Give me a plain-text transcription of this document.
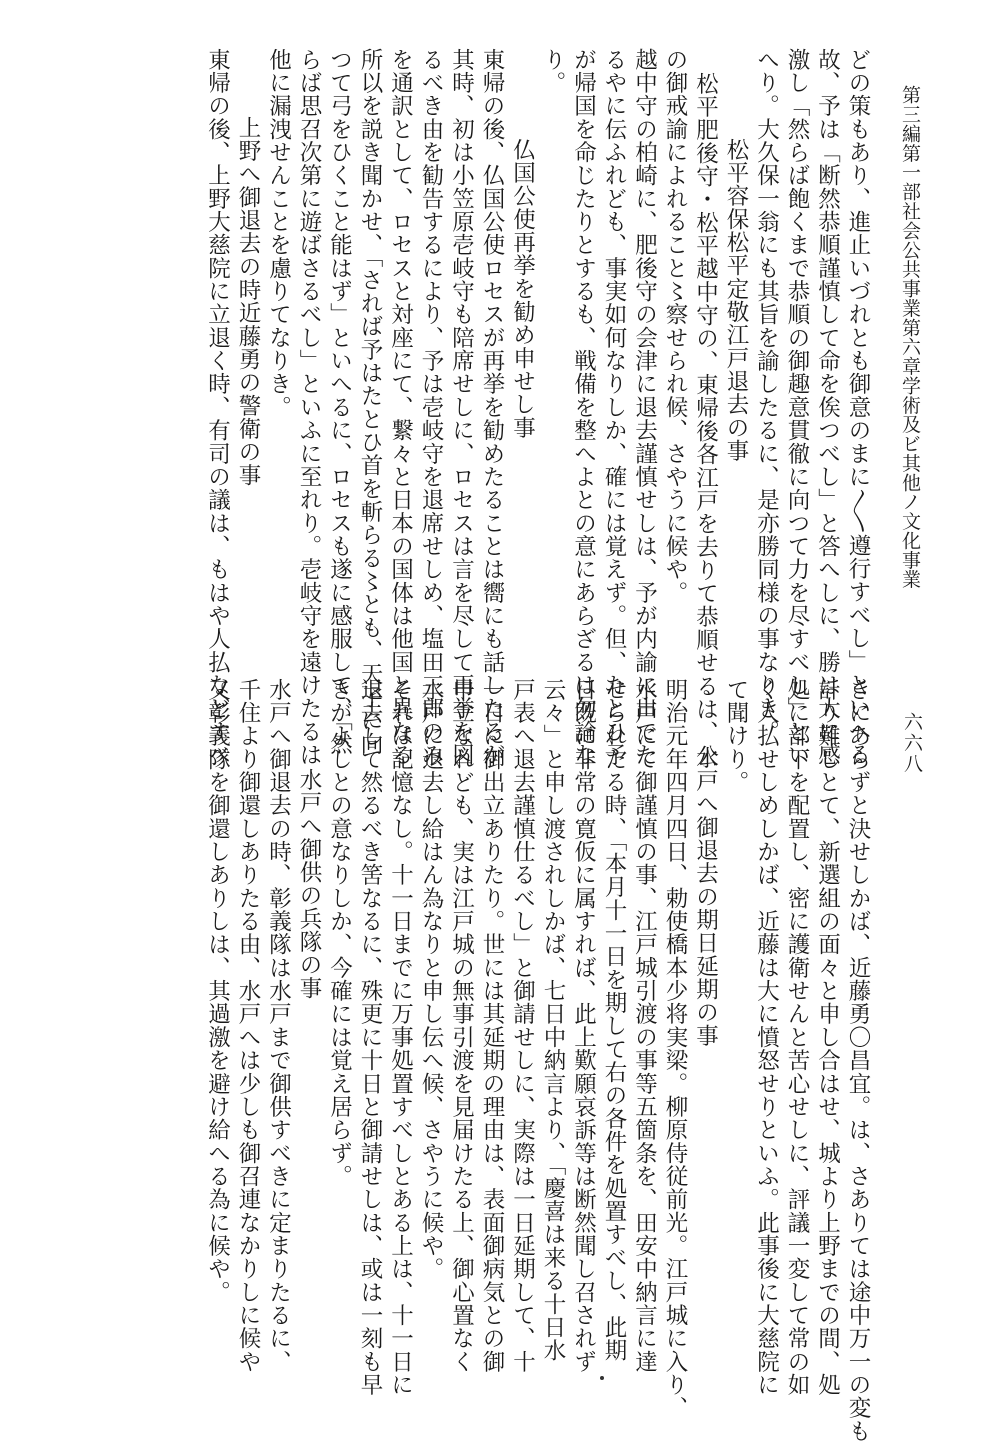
第三編第一部社会公共事業第六章学術及ビ其他ノ文化事業
六六八
どの策もあり、進止いづれとも御意のまに〳〵遵行すべし」といへる
故、予は「断然恭順謹慎して命を俟つべし」と答へしに、勝は大に感
激し「然らば飽くまで恭順の御趣意貫徹に向つて力を尽すべし」とい
へり。大久保一翁にも其旨を諭したるに、是亦勝同様の事なりき。
松平容保松平定敬江戸退去の事
松平肥後守・松平越中守の、東帰後各江戸を去りて恭順せるは、公
の御戒諭によれること〻察せられ候、さやうに候や。
越中守の柏崎に、肥後守の会津に退去謹慎せしは、予が内諭に出でた
るやに伝ふれども、事実如何なりしか、確には覚えず。但、たとひ予
が帰国を命じたりとするも、戦備を整へよとの意にあらざるは勿論な
り。
仏国公使再挙を勧め申せし事
東帰の後、仏国公使ロセスが再挙を勧めたることは嚮にも話したるが
其時、初は小笠原壱岐守も陪席せしに、ロセスは言を尽して再挙を図
るべき由を勧告するにより、予は壱岐守を退席せしめ、塩田三郎のみ
を通訳として、ロセスと対座にて、繋々と日本の国体は他国と異なる
所以を説き聞かせ、「されば予はたとひ首を斬らる〻とも、天子に向
つて弓をひくこと能はず」といへるに、ロセスも遂に感服して、「然
らば思召次第に遊ばさるべし」といふに至れり。壱岐守を遠けたるは
他に漏洩せんことを慮りてなりき。
上野へ御退去の時近藤勇の警衛の事
東帰の後、上野大慈院に立退く時、有司の議は、もはや人払などすべ
きにあらずと決せしかば、近藤勇〇昌宜。は、さありては途中万一の変も
計り難しとて、新選組の面々と申し合はせ、城より上野までの間、処
処に部下を配置し、密に護衛せんと苦心せしに、評議一変して常の如
く人払せしめしかば、近藤は大に憤怒せりといふ。此事後に大慈院に
て聞けり。
水戸へ御退去の期日延期の事
明治元年四月四日、勅使橋本少将実梁。柳原侍従前光。江戸城に入り、
水戸にて御謹慎の事、江戸城引渡の事等五箇条を、田安中納言に達
せられたる時、「本月十一日を期して右の各件を処置すべし、此期
日既に非常の寛仮に属すれば、此上歎願哀訴等は断然聞し召されず
云々」と申し渡されしかば、七日中納言より、「慶喜は来る十日水
戸表へ退去謹慎仕るべし」と御請せしに、実際は一日延期して、十
一日に御出立ありたり。世には其延期の理由は、表面御病気との御
申立なれども、実は江戸城の無事引渡を見届けたる上、御心置なく
水戸に退去し給はん為なりと申し伝へ候、さやうに候や。
それは記憶なし。十一日までに万事処置すべしとある上は、十一日に
退去して然るべき筈なるに、殊更に十日と御請せしは、或は一刻も早
きがよしとの意なりしか、今確には覚え居らず。
水戸へ御供の兵隊の事
水戸へ御退去の時、彰義隊は水戸まで御供すべきに定まりたるに、
千住より御還しありたる由、水戸へは少しも御召連なかりしに候や
又彰義隊を御還しありしは、其過激を避け給へる為に候や。
